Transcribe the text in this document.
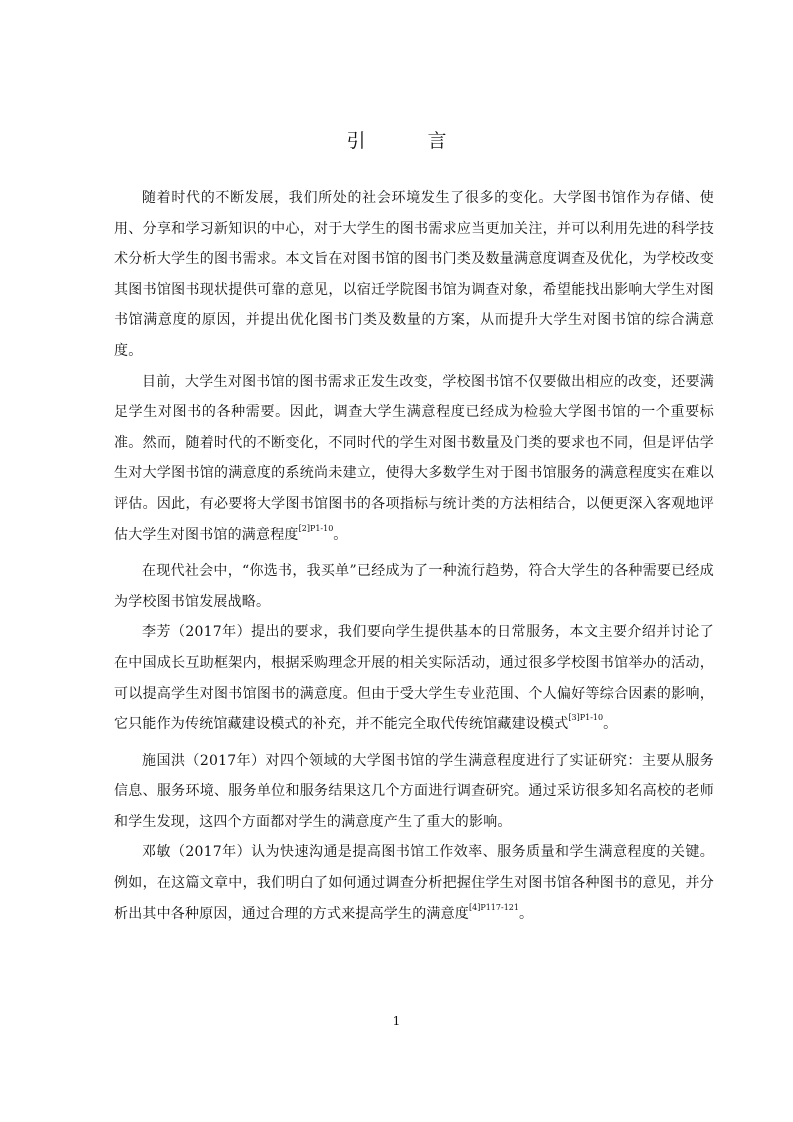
引 言

随着时代的不断发展，我们所处的社会环境发生了很多的变化。大学图书馆作为存储、使用、分享和学习新知识的中心，对于大学生的图书需求应当更加关注，并可以利用先进的科学技术分析大学生的图书需求。本文旨在对图书馆的图书门类及数量满意度调查及优化，为学校改变其图书馆图书现状提供可靠的意见，以宿迁学院图书馆为调查对象，希望能找出影响大学生对图书馆满意度的原因，并提出优化图书门类及数量的方案，从而提升大学生对图书馆的综合满意度。

目前，大学生对图书馆的图书需求正发生改变，学校图书馆不仅要做出相应的改变，还要满足学生对图书的各种需要。因此，调查大学生满意程度已经成为检验大学图书馆的一个重要标准。然而，随着时代的不断变化，不同时代的学生对图书数量及门类的要求也不同，但是评估学生对大学图书馆的满意度的系统尚未建立，使得大多数学生对于图书馆服务的满意程度实在难以评估。因此，有必要将大学图书馆图书的各项指标与统计类的方法相结合，以便更深入客观地评估大学生对图书馆的满意程度$^{[2]P1-10}$。

在现代社会中，“你选书，我买单”已经成为了一种流行趋势，符合大学生的各种需要已经成为学校图书馆发展战略。

李芳（2017年）提出的要求，我们要向学生提供基本的日常服务，本文主要介绍并讨论了在中国成长互助框架内，根据采购理念开展的相关实际活动，通过很多学校图书馆举办的活动，可以提高学生对图书馆图书的满意度。但由于受大学生专业范围、个人偏好等综合因素的影响，它只能作为传统馆藏建设模式的补充，并不能完全取代传统馆藏建设模式$^{[3]P1-10}$。

施国洪（2017年）对四个领域的大学图书馆的学生满意程度进行了实证研究：主要从服务信息、服务环境、服务单位和服务结果这几个方面进行调查研究。通过采访很多知名高校的老师和学生发现，这四个方面都对学生的满意度产生了重大的影响。

邓敏（2017年）认为快速沟通是提高图书馆工作效率、服务质量和学生满意程度的关键。例如，在这篇文章中，我们明白了如何通过调查分析把握住学生对图书馆各种图书的意见，并分析出其中各种原因，通过合理的方式来提高学生的满意度$^{[4]P117-121}$。

1
